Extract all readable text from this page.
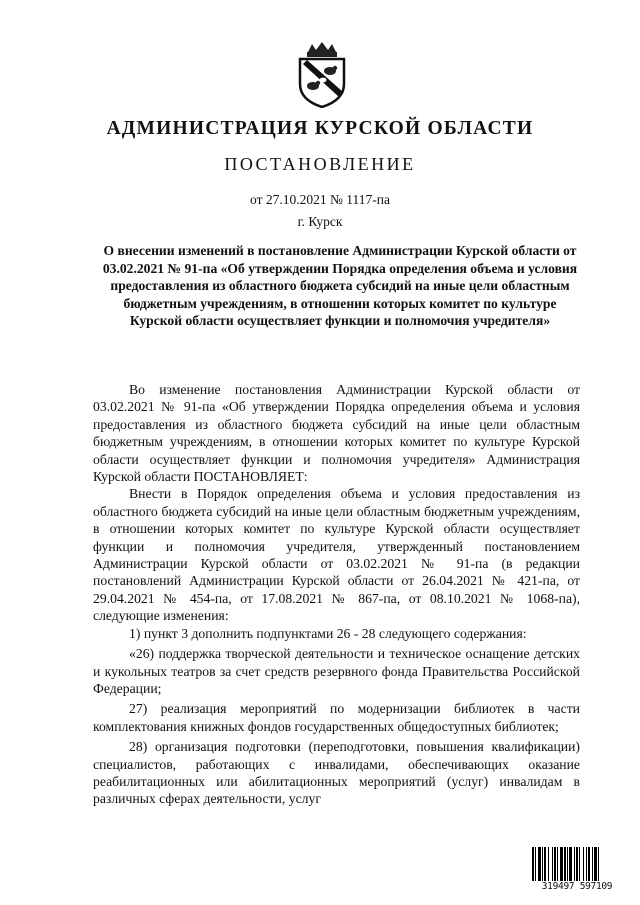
АДМИНИСТРАЦИЯ КУРСКОЙ ОБЛАСТИ
ПОСТАНОВЛЕНИЕ
от 27.10.2021 № 1117-па
г. Курск
О внесении изменений в постановление Администрации Курской области от 03.02.2021 № 91-па «Об утверждении Порядка определения объема и условия предоставления из областного бюджета субсидий на иные цели областным бюджетным учреждениям, в отношении которых комитет по культуре Курской области осуществляет функции и полномочия учредителя»

Во изменение постановления Администрации Курской области от 03.02.2021 № 91-па «Об утверждении Порядка определения объема и условия предоставления из областного бюджета субсидий на иные цели областным бюджетным учреждениям, в отношении которых комитет по культуре Курской области осуществляет функции и полномочия учредителя» Администрация Курской области ПОСТАНОВЛЯЕТ:

Внести в Порядок определения объема и условия предоставления из областного бюджета субсидий на иные цели областным бюджетным учреждениям, в отношении которых комитет по культуре Курской области осуществляет функции и полномочия учредителя, утвержденный постановлением Администрации Курской области от 03.02.2021 № 91-па (в редакции постановлений Администрации Курской области от 26.04.2021 № 421-па, от 29.04.2021 № 454-па, от 17.08.2021 № 867-па, от 08.10.2021 № 1068-па), следующие изменения:

1) пункт 3 дополнить подпунктами 26 - 28 следующего содержания:

«26) поддержка творческой деятельности и техническое оснащение детских и кукольных театров за счет средств резервного фонда Правительства Российской Федерации;

27) реализация мероприятий по модернизации библиотек в части комплектования книжных фондов государственных общедоступных библиотек;

28) организация подготовки (переподготовки, повышения квалификации) специалистов, работающих с инвалидами, обеспечивающих оказание реабилитационных или абилитационных мероприятий (услуг) инвалидам в различных сферах деятельности, услуг

319497 597109
